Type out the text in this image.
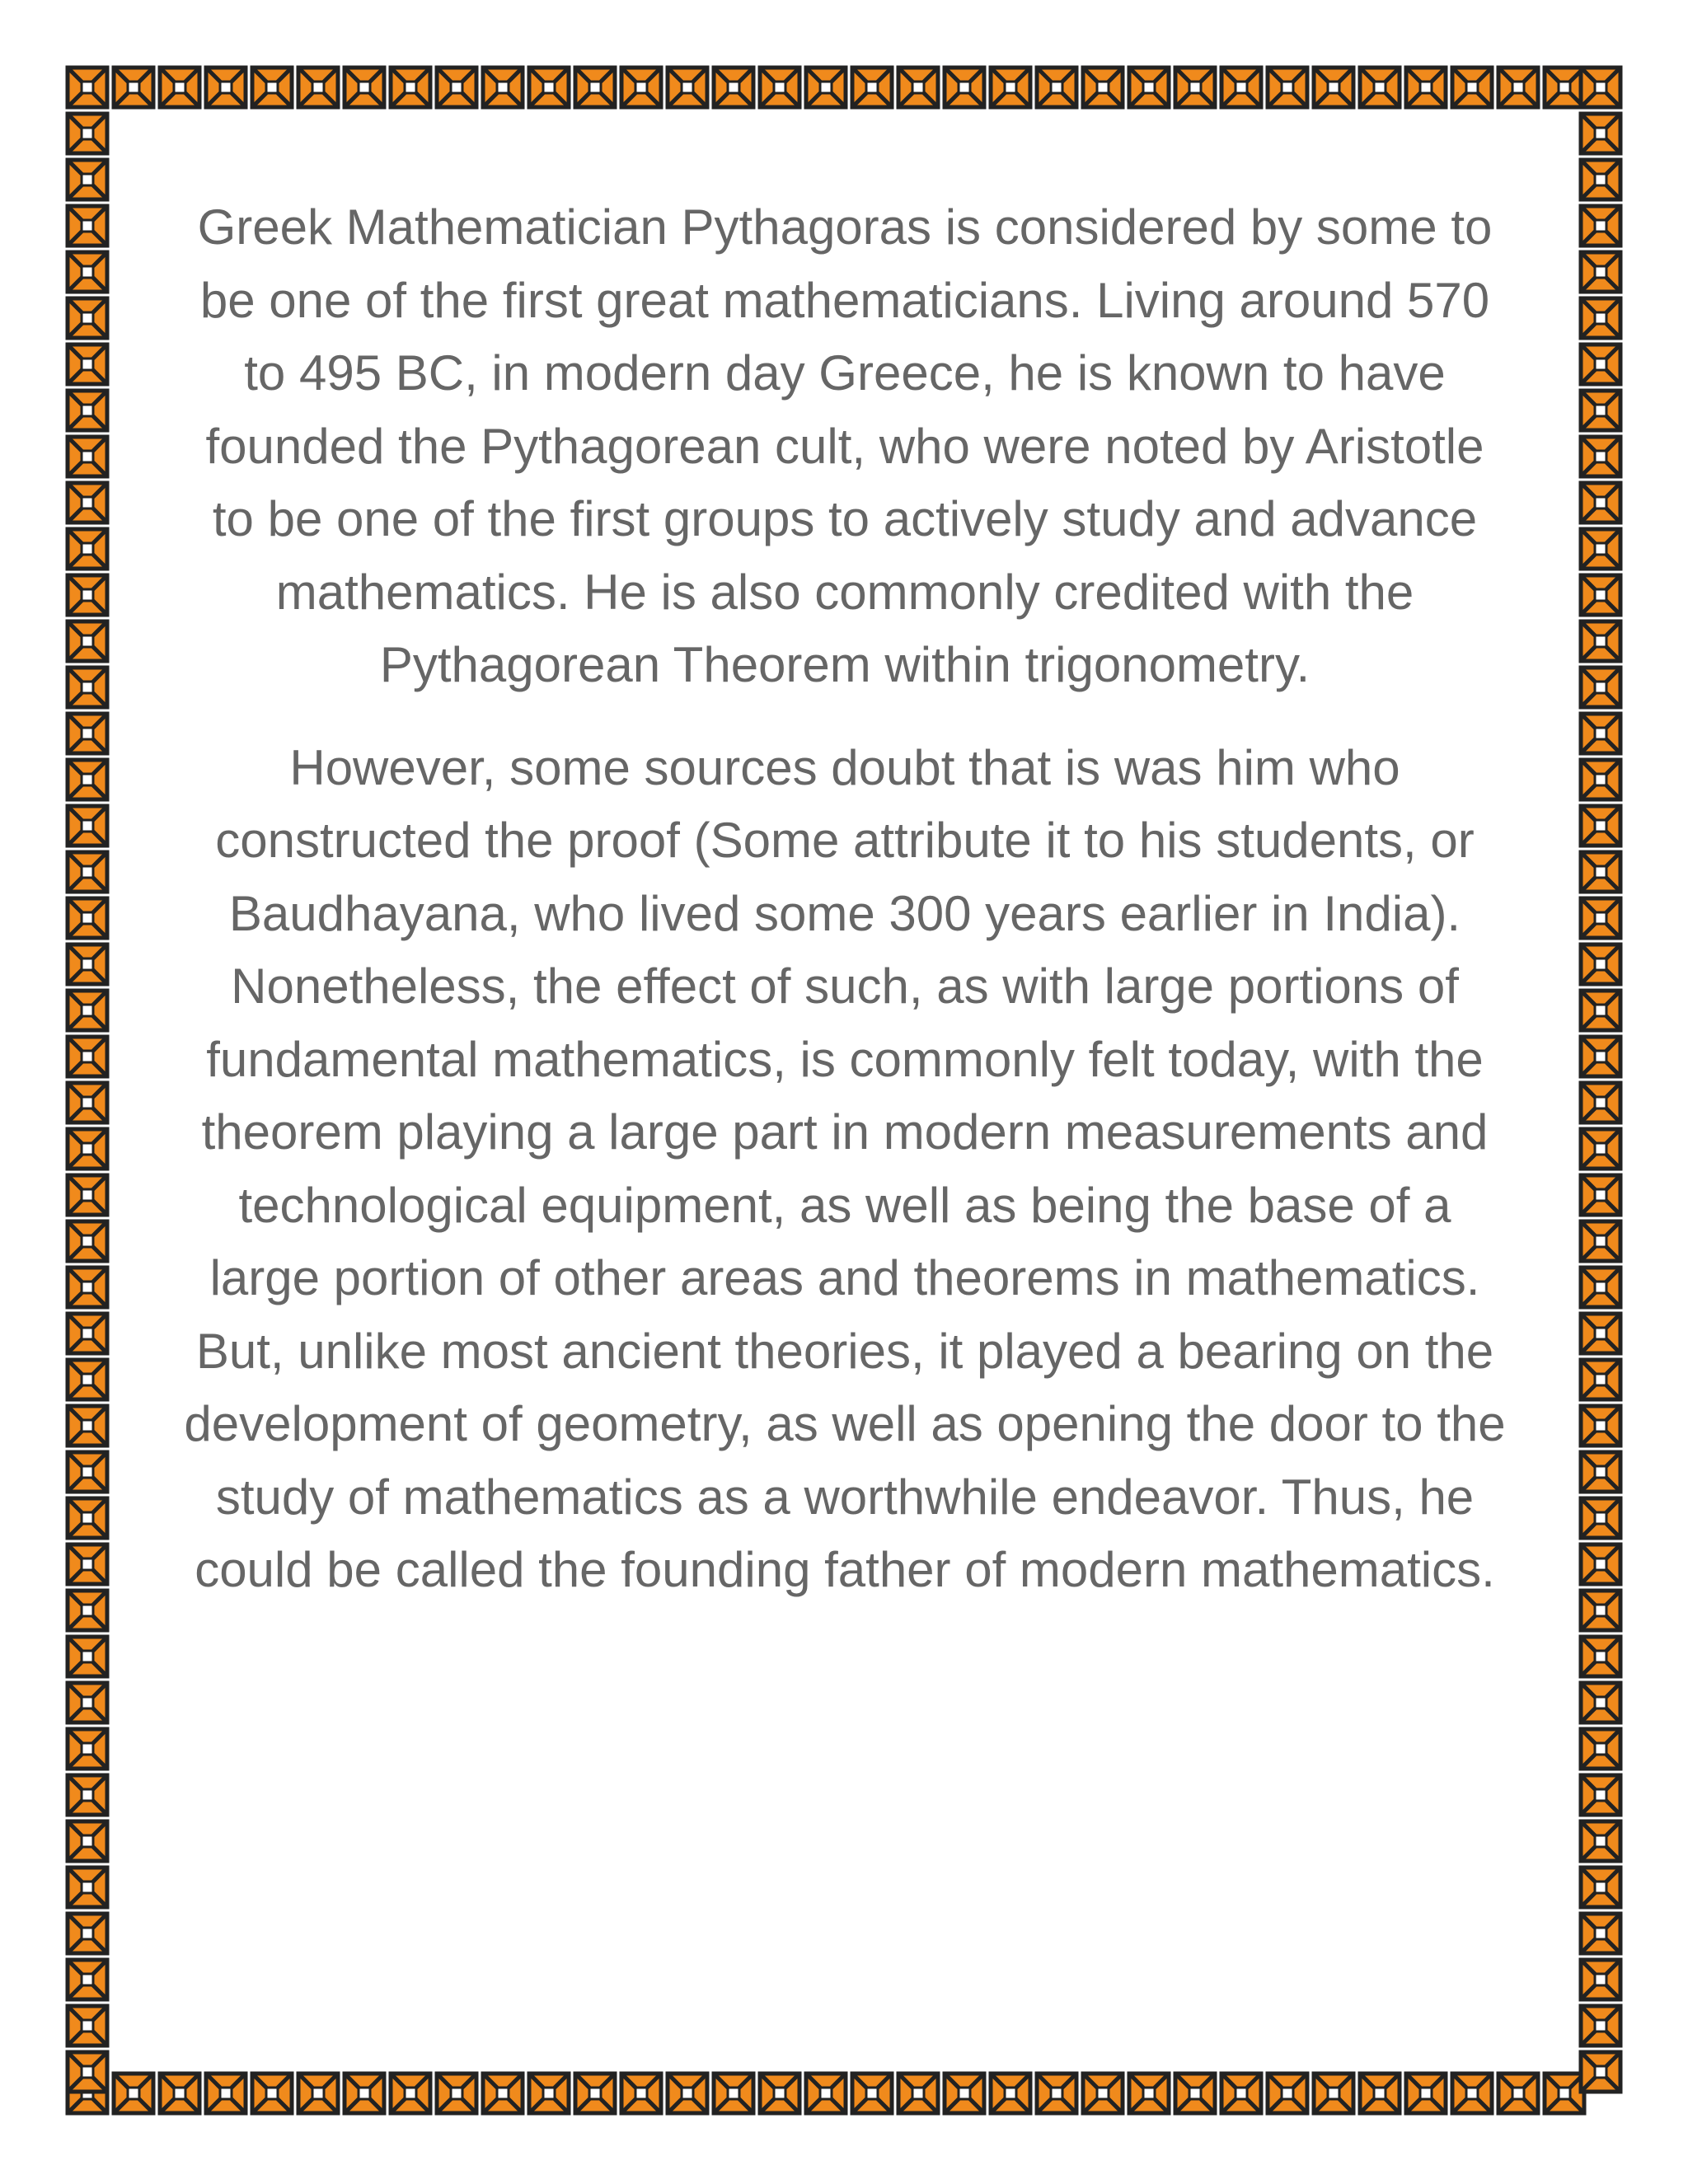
Greek Mathematician Pythagoras is considered by some to be one of the first great mathematicians. Living around 570 to 495 BC, in modern day Greece, he is known to have founded the Pythagorean cult, who were noted by Aristotle to be one of the first groups to actively study and advance mathematics. He is also commonly credited with the Pythagorean Theorem within trigonometry.

However, some sources doubt that is was him who constructed the proof (Some attribute it to his students, or Baudhayana, who lived some 300 years earlier in India). Nonetheless, the effect of such, as with large portions of fundamental mathematics, is commonly felt today, with the theorem playing a large part in modern measurements and technological equipment, as well as being the base of a large portion of other areas and theorems in mathematics. But, unlike most ancient theories, it played a bearing on the development of geometry, as well as opening the door to the study of mathematics as a worthwhile endeavor. Thus, he could be called the founding father of modern mathematics.
